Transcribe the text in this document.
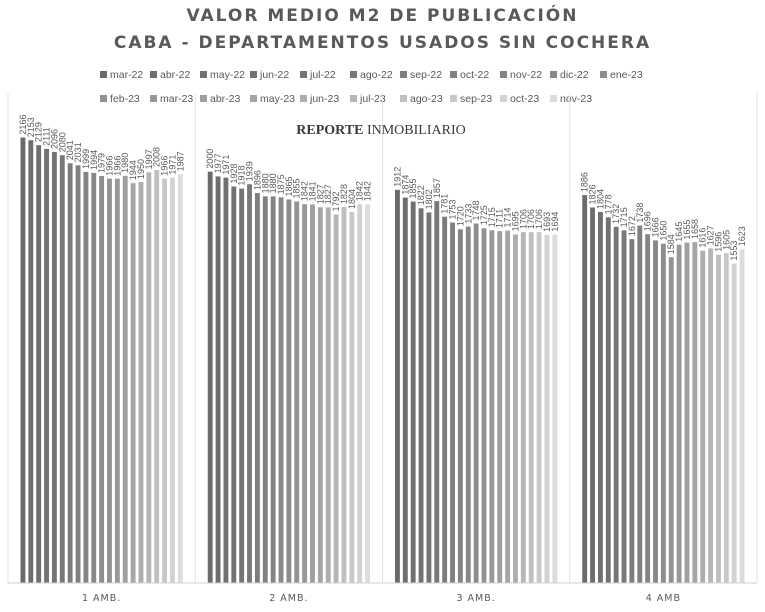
VALOR MEDIO M2 DE PUBLICACIÓN
CABA - DEPARTAMENTOS USADOS SIN COCHERA
mar-22 abr-22 may-22 jun-22 jul-22 ago-22 sep-22 oct-22 nov-22 dic-22 ene-23
feb-23 mar-23 abr-23 may-23 jun-23 jul-23 ago-23 sep-23 oct-23 nov-23
2166
2153
2129
2111
2096
2080
2041
2031
1999
1994
1979
1966
1966
1980
1944
1950
1997
2008
1966
1971
1987 2000
1977
1971
1928
1918
1939
1896
1880
1880
1875
1865
1855
1842
1841
1827
1827
1792
1828
1804
1842
1842
1912
1874
1855
1822
1802
1857
1781
1753
1720
1733
1748
1725
1715
1711
1714
1695
1706
1706
1706
1693
1694
1886
1826
1804
1778
1732
1715
1672
1738
1696
1666
1650
1584
1645
1655
1658
1616
1627
1596
1605
1553
1623
REPORTE INMOBILIARIO
1 AMB.	2 AMB.	3 AMB.	4 AMB
